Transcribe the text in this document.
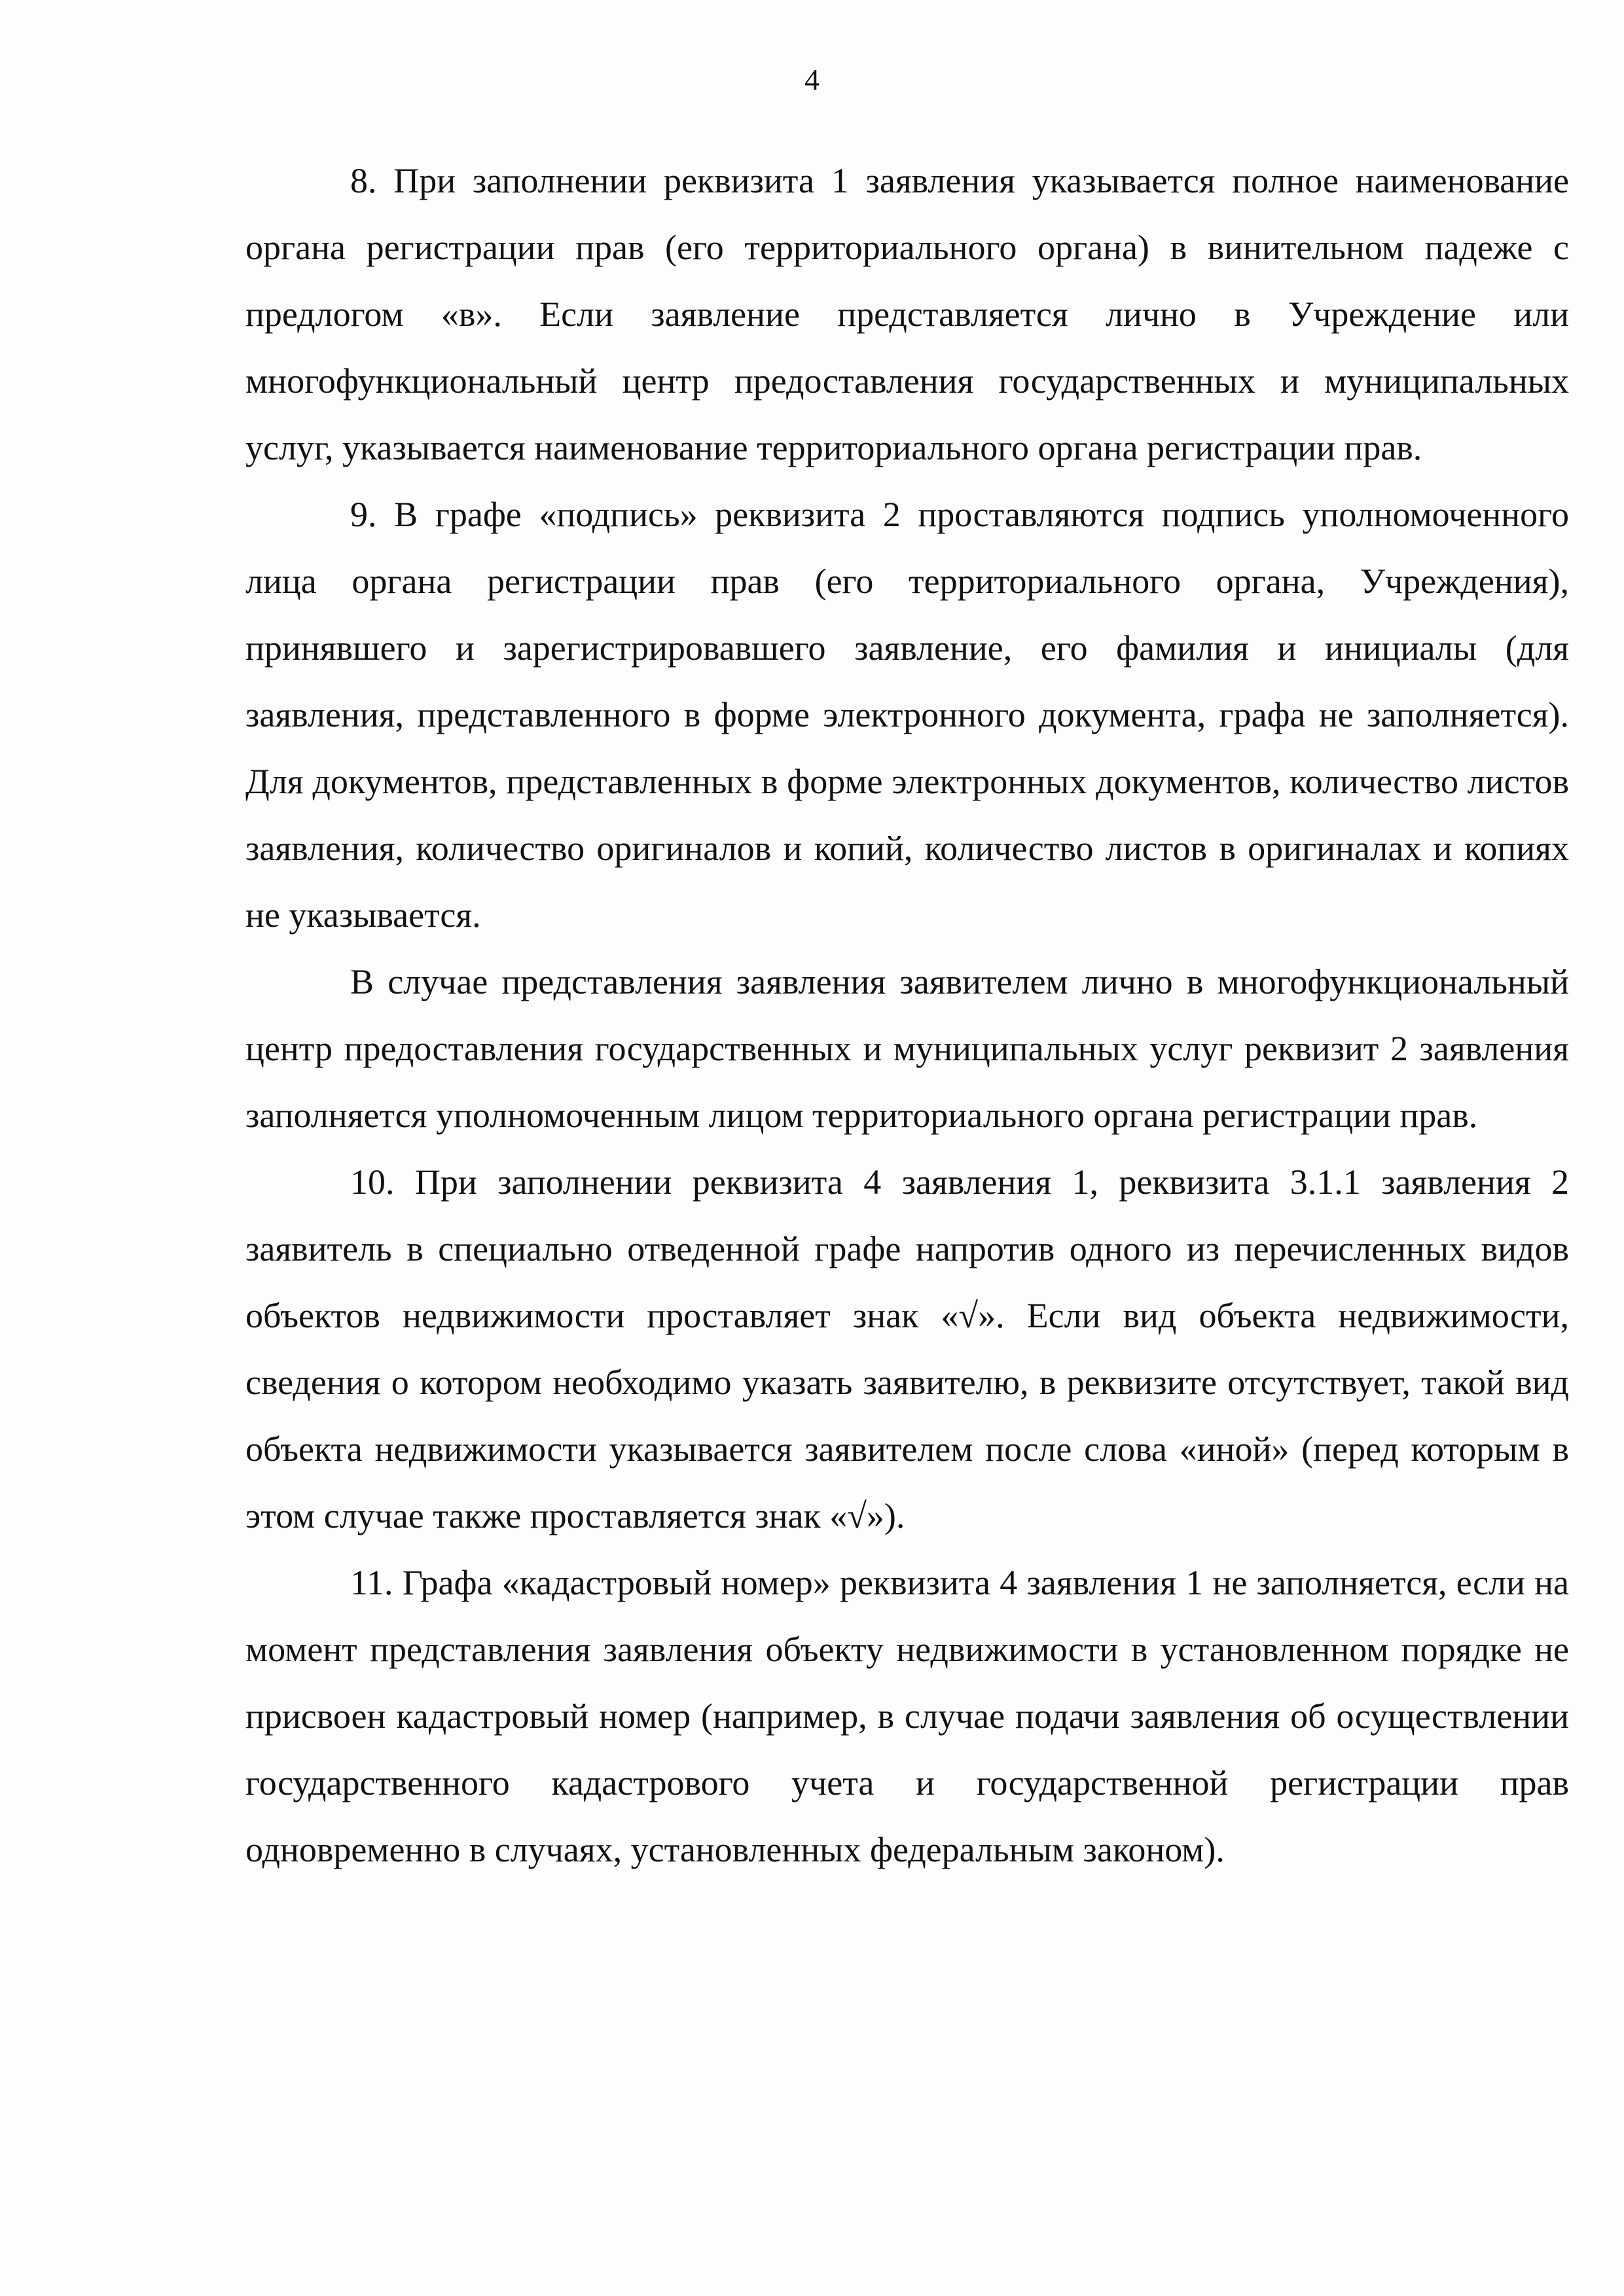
4

8. При заполнении реквизита 1 заявления указывается полное наименование органа регистрации прав (его территориального органа) в винительном падеже с предлогом «в». Если заявление представляется лично в Учреждение или многофункциональный центр предоставления государственных и муниципальных услуг, указывается наименование территориального органа регистрации прав.

9. В графе «подпись» реквизита 2 проставляются подпись уполномоченного лица органа регистрации прав (его территориального органа, Учреждения), принявшего и зарегистрировавшего заявление, его фамилия и инициалы (для заявления, представленного в форме электронного документа, графа не заполняется). Для документов, представленных в форме электронных документов, количество листов заявления, количество оригиналов и копий, количество листов в оригиналах и копиях не указывается.

В случае представления заявления заявителем лично в многофункциональный центр предоставления государственных и муниципальных услуг реквизит 2 заявления заполняется уполномоченным лицом территориального органа регистрации прав.

10. При заполнении реквизита 4 заявления 1, реквизита 3.1.1 заявления 2 заявитель в специально отведенной графе напротив одного из перечисленных видов объектов недвижимости проставляет знак «√». Если вид объекта недвижимости, сведения о котором необходимо указать заявителю, в реквизите отсутствует, такой вид объекта недвижимости указывается заявителем после слова «иной» (перед которым в этом случае также проставляется знак «√»).

11. Графа «кадастровый номер» реквизита 4 заявления 1 не заполняется, если на момент представления заявления объекту недвижимости в установленном порядке не присвоен кадастровый номер (например, в случае подачи заявления об осуществлении государственного кадастрового учета и государственной регистрации прав одновременно в случаях, установленных федеральным законом).
